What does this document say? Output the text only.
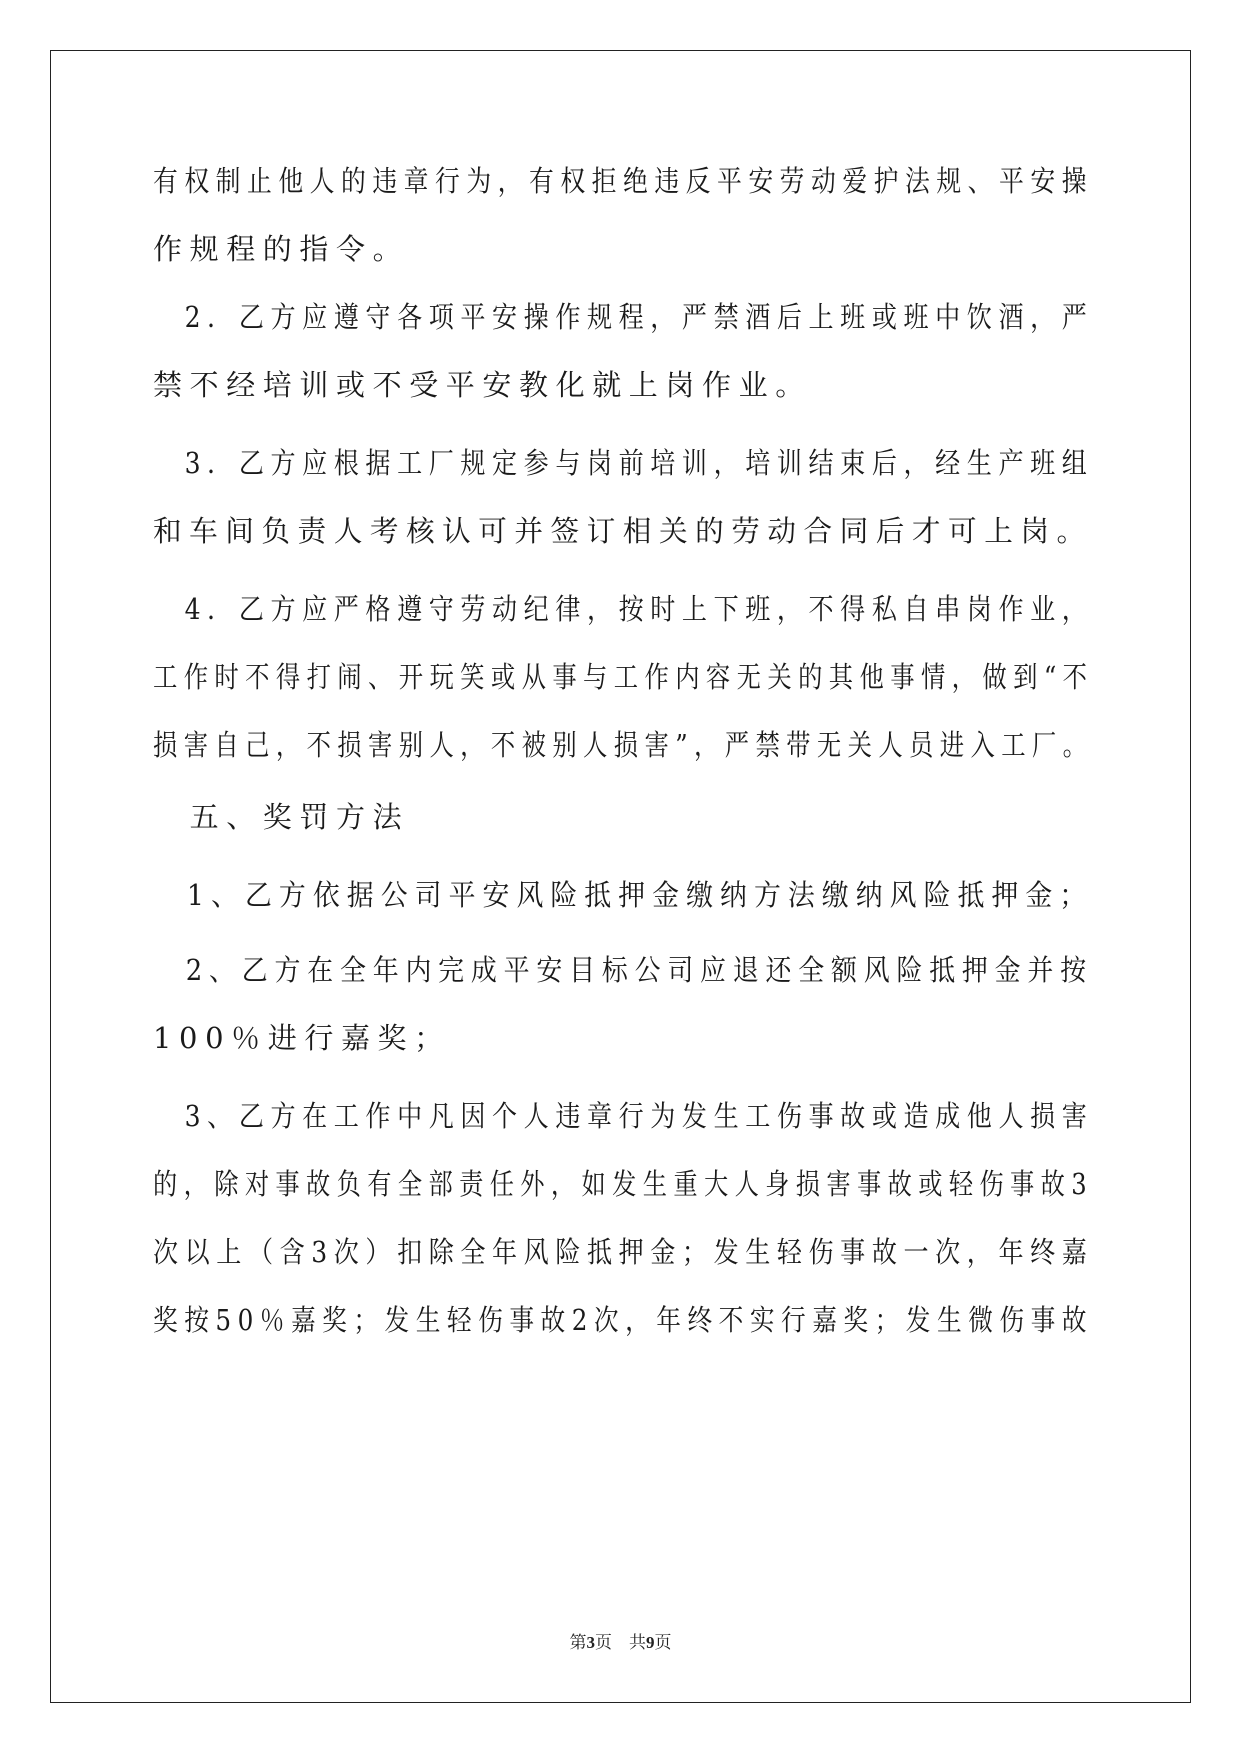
有权制止他人的违章行为，有权拒绝违反平安劳动爱护法规、平安操
作规程的指令。
　2．乙方应遵守各项平安操作规程，严禁酒后上班或班中饮酒，严
禁不经培训或不受平安教化就上岗作业。
　3．乙方应根据工厂规定参与岗前培训，培训结束后，经生产班组
和车间负责人考核认可并签订相关的劳动合同后才可上岗。
　4．乙方应严格遵守劳动纪律，按时上下班，不得私自串岗作业，
工作时不得打闹、开玩笑或从事与工作内容无关的其他事情，做到“不
损害自己，不损害别人，不被别人损害”，严禁带无关人员进入工厂。
　五、奖罚方法
　1、乙方依据公司平安风险抵押金缴纳方法缴纳风险抵押金；
　2、乙方在全年内完成平安目标公司应退还全额风险抵押金并按
100％进行嘉奖；
　3、乙方在工作中凡因个人违章行为发生工伤事故或造成他人损害
的，除对事故负有全部责任外，如发生重大人身损害事故或轻伤事故3
次以上（含3次）扣除全年风险抵押金；发生轻伤事故一次，年终嘉
奖按50％嘉奖；发生轻伤事故2次，年终不实行嘉奖；发生微伤事故
第3页　共9页
